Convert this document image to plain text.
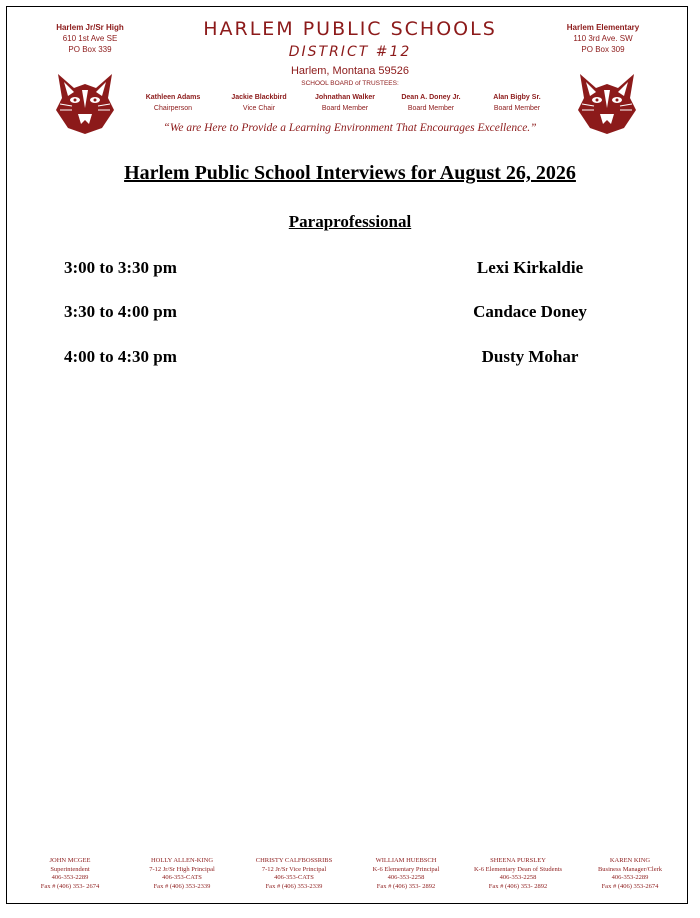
Harlem Jr/Sr High
610 1st Ave SE
PO Box 339
Harlem Elementary
110 3rd Ave. SW
PO Box 309
HARLEM PUBLIC SCHOOLS
DISTRICT #12
Harlem, Montana 59526
SCHOOL BOARD of TRUSTEES:
Kathleen Adams
Chairperson
Jackie Blackbird
Vice Chair
Johnathan Walker
Board Member
Dean A. Doney Jr.
Board Member
Alan Bigby Sr.
Board Member
“We are Here to Provide a Learning Environment That Encourages Excellence.”
Harlem Public School Interviews for August 26, 2026
Paraprofessional
3:00 to 3:30 pm	Lexi Kirkaldie
3:30 to 4:00 pm	Candace Doney
4:00 to 4:30 pm	Dusty Mohar
JOHN MCGEE
Superintendent
406-353-2289
Fax # (406) 353- 2674
HOLLY ALLEN-KING
7-12 Jr/Sr High Principal
406-353-CATS
Fax # (406) 353-2339
CHRISTY CALFBOSSRIBS
7-12 Jr/Sr Vice Principal
406-353-CATS
Fax # (406) 353-2339
WILLIAM HUEBSCH
K-6 Elementary Principal
406-353-2258
Fax # (406) 353- 2892
SHEENA PURSLEY
K-6 Elementary Dean of Students
406-353-2258
Fax # (406) 353- 2892
KAREN KING
Business Manager/Clerk
406-353-2289
Fax # (406) 353-2674
